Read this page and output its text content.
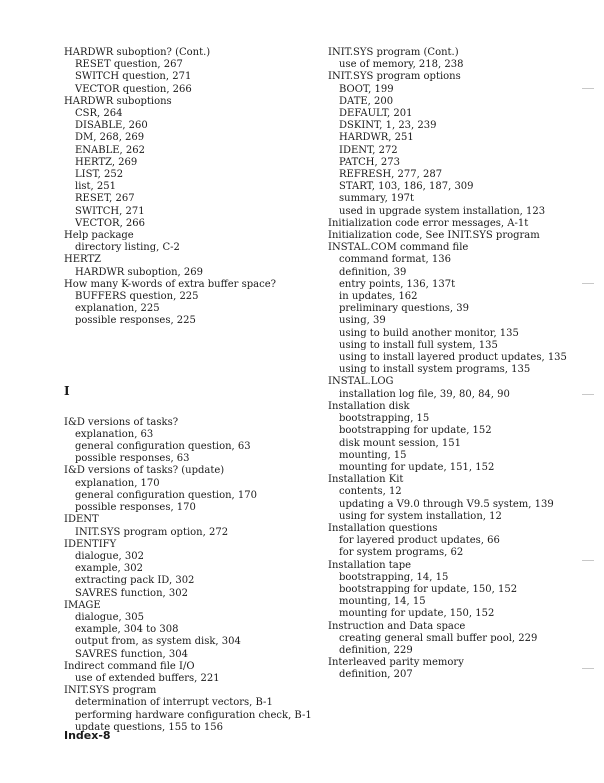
HARDWR suboption? (Cont.)
RESET question, 267
SWITCH question, 271
VECTOR question, 266
HARDWR suboptions
CSR, 264
DISABLE, 260
DM, 268, 269
ENABLE, 262
HERTZ, 269
LIST, 252
list, 251
RESET, 267
SWITCH, 271
VECTOR, 266
Help package
directory listing, C-2
HERTZ
HARDWR suboption, 269
How many K-words of extra buffer space?
BUFFERS question, 225
explanation, 225
possible responses, 225
I
I&D versions of tasks?
explanation, 63
general configuration question, 63
possible responses, 63
I&D versions of tasks? (update)
explanation, 170
general configuration question, 170
possible responses, 170
IDENT
INIT.SYS program option, 272
IDENTIFY
dialogue, 302
example, 302
extracting pack ID, 302
SAVRES function, 302
IMAGE
dialogue, 305
example, 304 to 308
output from, as system disk, 304
SAVRES function, 304
Indirect command file I/O
use of extended buffers, 221
INIT.SYS program
determination of interrupt vectors, B-1
performing hardware configuration check, B-1
update questions, 155 to 156
INIT.SYS program (Cont.)
use of memory, 218, 238
INIT.SYS program options
BOOT, 199
DATE, 200
DEFAULT, 201
DSKINT, 1, 23, 239
HARDWR, 251
IDENT, 272
PATCH, 273
REFRESH, 277, 287
START, 103, 186, 187, 309
summary, 197t
used in upgrade system installation, 123
Initialization code error messages, A-1t
Initialization code, See INIT.SYS program
INSTAL.COM command file
command format, 136
definition, 39
entry points, 136, 137t
in updates, 162
preliminary questions, 39
using, 39
using to build another monitor, 135
using to install full system, 135
using to install layered product updates, 135
using to install system programs, 135
INSTAL.LOG
installation log file, 39, 80, 84, 90
Installation disk
bootstrapping, 15
bootstrapping for update, 152
disk mount session, 151
mounting, 15
mounting for update, 151, 152
Installation Kit
contents, 12
updating a V9.0 through V9.5 system, 139
using for system installation, 12
Installation questions
for layered product updates, 66
for system programs, 62
Installation tape
bootstrapping, 14, 15
bootstrapping for update, 150, 152
mounting, 14, 15
mounting for update, 150, 152
Instruction and Data space
creating general small buffer pool, 229
definition, 229
Interleaved parity memory
definition, 207
Index-8
